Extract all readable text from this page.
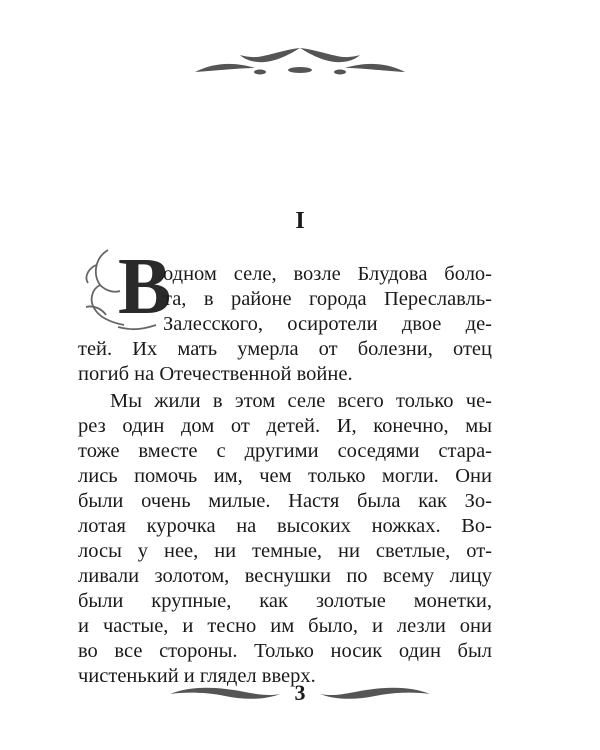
I
В
одном селе, возле Блудова боло-
та, в районе города Переславль-
Залесского, осиротели двое де-
тей. Их мать умерла от болезни, отец
погиб на Отечественной войне.
Мы жили в этом селе всего только че-
рез один дом от детей. И, конечно, мы
тоже вместе с другими соседями стара-
лись помочь им, чем только могли. Они
были очень милые. Настя была как Зо-
лотая курочка на высоких ножках. Во-
лосы у нее, ни темные, ни светлые, от-
ливали золотом, веснушки по всему лицу
были крупные, как золотые монетки,
и частые, и тесно им было, и лезли они
во все стороны. Только носик один был
чистенький и глядел вверх.
3
